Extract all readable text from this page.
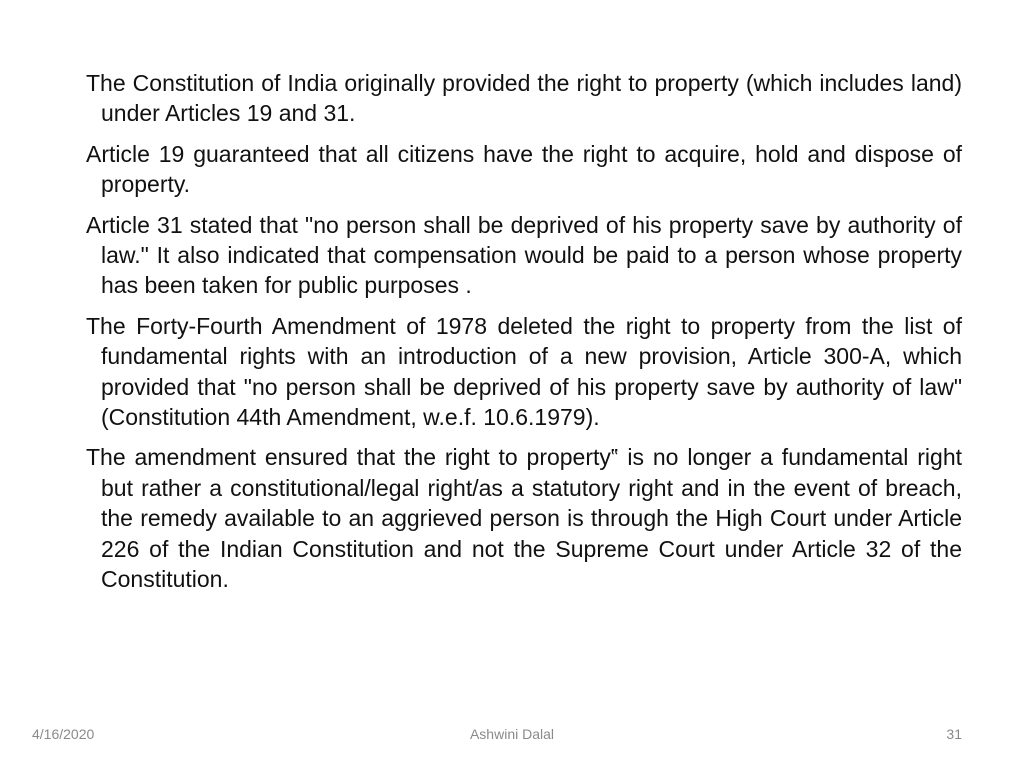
The Constitution of India originally provided the right to property (which includes land) under Articles 19 and 31.

Article 19 guaranteed that all citizens have the right to acquire, hold and dispose of property.

Article 31 stated that "no person shall be deprived of his property save by authority of law." It also indicated that compensation would be paid to a person whose property has been taken for public purposes .

The Forty-Fourth Amendment of 1978 deleted the right to property from the list of fundamental rights with an introduction of a new provision, Article 300-A, which provided that "no person shall be deprived of his property save by authority of law" (Constitution 44th Amendment, w.e.f. 10.6.1979).

The amendment ensured that the right to property‟ is no longer a fundamental right but rather a constitutional/legal right/as a statutory right and in the event of breach, the remedy available to an aggrieved person is through the High Court under Article 226 of the Indian Constitution and not the Supreme Court under Article 32 of the Constitution.

4/16/2020	Ashwini Dalal	31
